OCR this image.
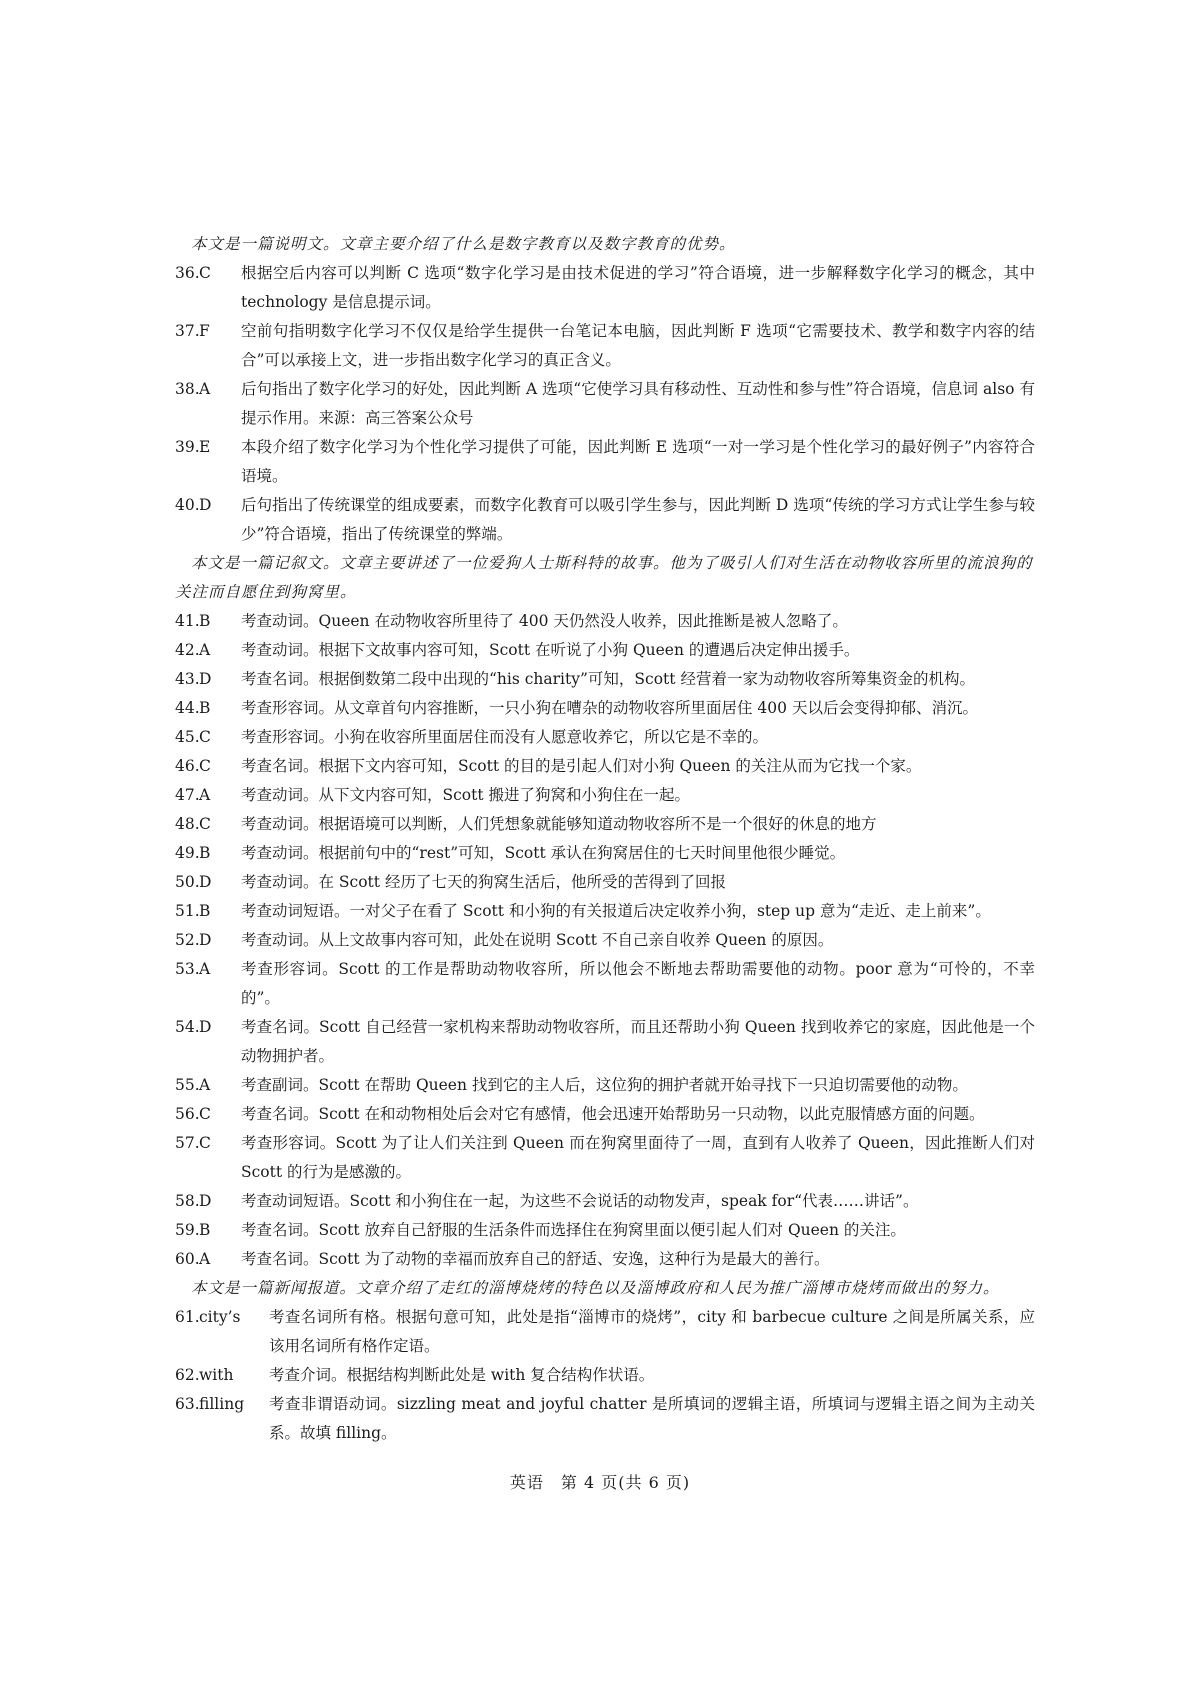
本文是一篇说明文。文章主要介绍了什么是数字教育以及数字教育的优势。

36. C	根据空后内容可以判断 C 选项“数字化学习是由技术促进的学习”符合语境，进一步解释数字化学习的概念，其中 technology 是信息提示词。
37. F	空前句指明数字化学习不仅仅是给学生提供一台笔记本电脑，因此判断 F 选项“它需要技术、教学和数字内容的结合”可以承接上文，进一步指出数字化学习的真正含义。
38. A	后句指出了数字化学习的好处，因此判断 A 选项“它使学习具有移动性、互动性和参与性”符合语境，信息词 also 有提示作用。来源：高三答案公众号
39. E	本段介绍了数字化学习为个性化学习提供了可能，因此判断 E 选项“一对一学习是个性化学习的最好例子”内容符合语境。
40. D	后句指出了传统课堂的组成要素，而数字化教育可以吸引学生参与，因此判断 D 选项“传统的学习方式让学生参与较少”符合语境，指出了传统课堂的弊端。

本文是一篇记叙文。文章主要讲述了一位爱狗人士斯科特的故事。他为了吸引人们对生活在动物收容所里的流浪狗的关注而自愿住到狗窝里。

41. B	考查动词。Queen 在动物收容所里待了 400 天仍然没人收养，因此推断是被人忽略了。
42. A	考查动词。根据下文故事内容可知，Scott 在听说了小狗 Queen 的遭遇后决定伸出援手。
43. D	考查名词。根据倒数第二段中出现的“his charity”可知，Scott 经营着一家为动物收容所筹集资金的机构。
44. B	考查形容词。从文章首句内容推断，一只小狗在嘈杂的动物收容所里面居住 400 天以后会变得抑郁、消沉。
45. C	考查形容词。小狗在收容所里面居住而没有人愿意收养它，所以它是不幸的。
46. C	考查名词。根据下文内容可知，Scott 的目的是引起人们对小狗 Queen 的关注从而为它找一个家。
47. A	考查动词。从下文内容可知，Scott 搬进了狗窝和小狗住在一起。
48. C	考查动词。根据语境可以判断，人们凭想象就能够知道动物收容所不是一个很好的休息的地方
49. B	考查动词。根据前句中的“rest”可知，Scott 承认在狗窝居住的七天时间里他很少睡觉。
50. D	考查动词。在 Scott 经历了七天的狗窝生活后，他所受的苦得到了回报
51. B	考查动词短语。一对父子在看了 Scott 和小狗的有关报道后决定收养小狗，step up 意为“走近、走上前来”。
52. D	考查动词。从上文故事内容可知，此处在说明 Scott 不自己亲自收养 Queen 的原因。
53. A	考查形容词。Scott 的工作是帮助动物收容所，所以他会不断地去帮助需要他的动物。poor 意为“可怜的，不幸的”。
54. D	考查名词。Scott 自己经营一家机构来帮助动物收容所，而且还帮助小狗 Queen 找到收养它的家庭，因此他是一个动物拥护者。
55. A	考查副词。Scott 在帮助 Queen 找到它的主人后，这位狗的拥护者就开始寻找下一只迫切需要他的动物。
56. C	考查名词。Scott 在和动物相处后会对它有感情，他会迅速开始帮助另一只动物，以此克服情感方面的问题。
57. C	考查形容词。Scott 为了让人们关注到 Queen 而在狗窝里面待了一周，直到有人收养了 Queen，因此推断人们对 Scott 的行为是感激的。
58. D	考查动词短语。Scott 和小狗住在一起，为这些不会说话的动物发声，speak for“代表……讲话”。
59. B	考查名词。Scott 放弃自己舒服的生活条件而选择住在狗窝里面以便引起人们对 Queen 的关注。
60. A	考查名词。Scott 为了动物的幸福而放弃自己的舒适、安逸，这种行为是最大的善行。

本文是一篇新闻报道。文章介绍了走红的淄博烧烤的特色以及淄博政府和人民为推广淄博市烧烤而做出的努力。

61. city’s	考查名词所有格。根据句意可知，此处是指“淄博市的烧烤”，city 和 barbecue culture 之间是所属关系，应该用名词所有格作定语。
62. with	考查介词。根据结构判断此处是 with 复合结构作状语。
63. filling	考查非谓语动词。sizzling meat and joyful chatter 是所填词的逻辑主语，所填词与逻辑主语之间为主动关系。故填 filling。
英语　第 4 页(共 6 页)
